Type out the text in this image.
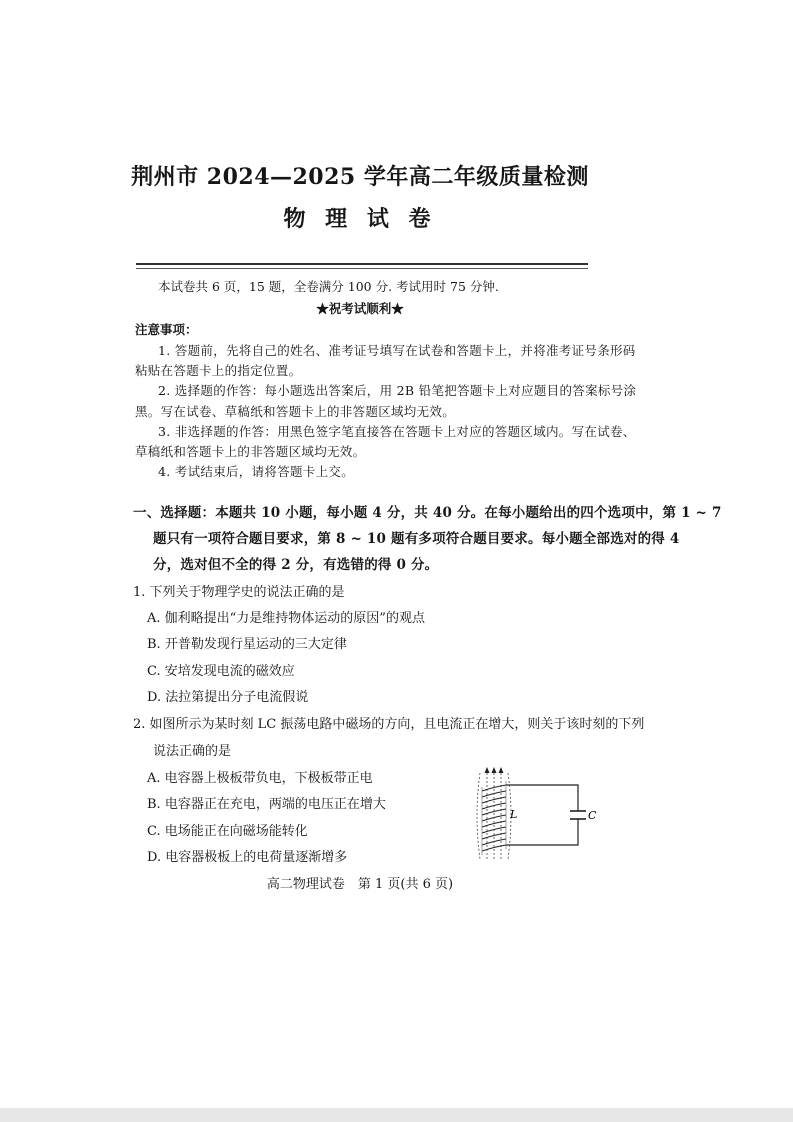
荆州市 2024—2025 学年高二年级质量检测
物 理 试 卷
本试卷共 6 页，15 题，全卷满分 100 分. 考试用时 75 分钟.
★祝考试顺利★
注意事项：
1. 答题前，先将自己的姓名、准考证号填写在试卷和答题卡上，并将准考证号条形码
粘贴在答题卡上的指定位置。
2. 选择题的作答：每小题选出答案后，用 2B 铅笔把答题卡上对应题目的答案标号涂
黑。写在试卷、草稿纸和答题卡上的非答题区域均无效。
3. 非选择题的作答：用黑色签字笔直接答在答题卡上对应的答题区域内。写在试卷、
草稿纸和答题卡上的非答题区域均无效。
4. 考试结束后，请将答题卡上交。
一、选择题：本题共 10 小题，每小题 4 分，共 40 分。在每小题给出的四个选项中，第 1 ~ 7
题只有一项符合题目要求，第 8 ~ 10 题有多项符合题目要求。每小题全部选对的得 4
分，选对但不全的得 2 分，有选错的得 0 分。
1. 下列关于物理学史的说法正确的是
A. 伽利略提出“力是维持物体运动的原因”的观点
B. 开普勒发现行星运动的三大定律
C. 安培发现电流的磁效应
D. 法拉第提出分子电流假说
2. 如图所示为某时刻 LC 振荡电路中磁场的方向，且电流正在增大，则关于该时刻的下列
说法正确的是
A. 电容器上极板带负电，下极板带正电
B. 电容器正在充电，两端的电压正在增大
C. 电场能正在向磁场能转化
D. 电容器极板上的电荷量逐渐增多
L	C
高二物理试卷　第 1 页(共 6 页)
